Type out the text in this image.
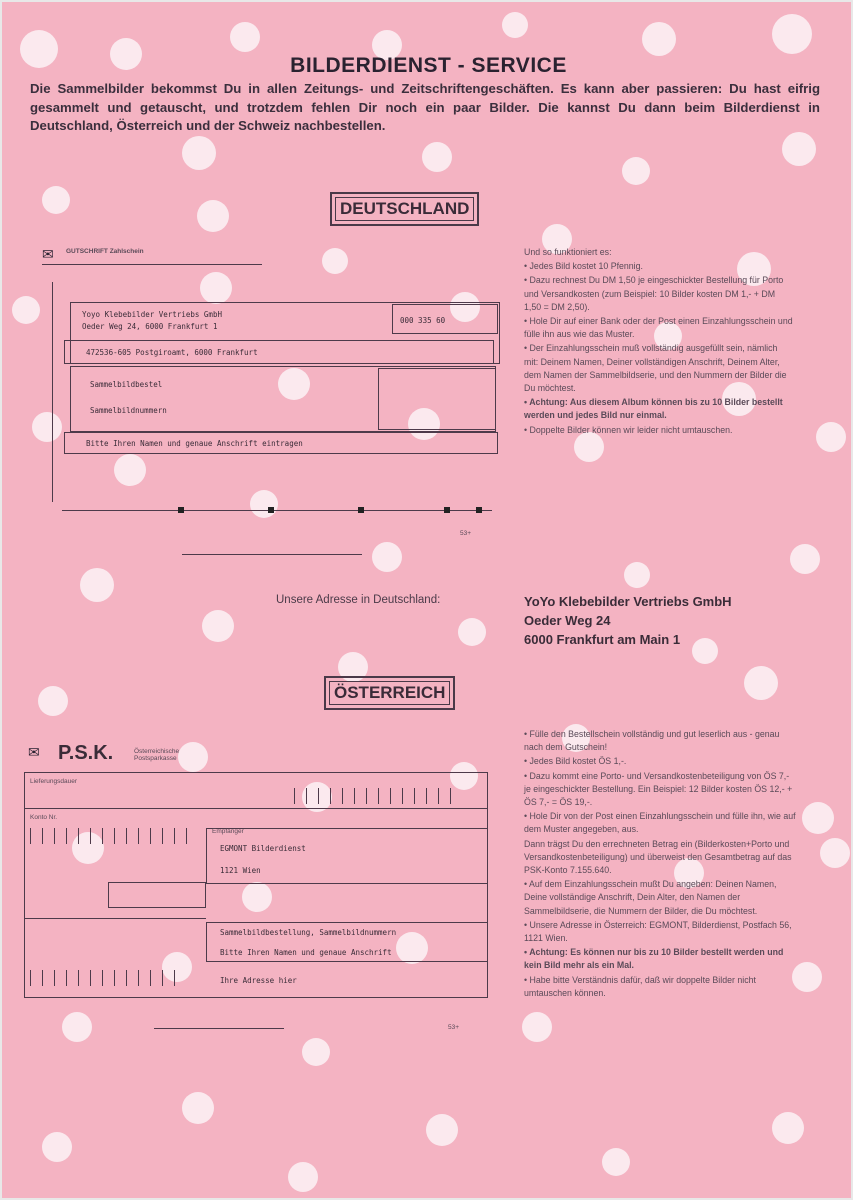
BILDERDIENST - SERVICE
Die Sammelbilder bekommst Du in allen Zeitungs- und Zeitschriftengeschäften. Es kann aber passieren: Du hast eifrig gesammelt und getauscht, und trotzdem fehlen Dir noch ein paar Bilder. Die kannst Du dann beim Bilderdienst in Deutschland, Österreich und der Schweiz nachbestellen.
DEUTSCHLAND
✉ GUTSCHRIFT Zahlschein
Yoyo Klebebilder Vertriebs GmbH
Oeder Weg 24, 6000 Frankfurt 1
000 335 60
472536-605 Postgiroamt, 6000 Frankfurt
Sammelbildbestel
Sammelbildnummern
Bitte Ihren Namen und genaue Anschrift eintragen
53+

Und so funktioniert es:

• Jedes Bild kostet 10 Pfennig.

• Dazu rechnest Du DM 1,50 je eingeschickter Bestellung für Porto und Versandkosten (zum Beispiel: 10 Bilder kosten DM 1,- + DM 1,50 = DM 2,50).

• Hole Dir auf einer Bank oder der Post einen Einzahlungsschein und fülle ihn aus wie das Muster.

• Der Einzahlungsschein muß vollständig ausgefüllt sein, nämlich mit: Deinem Namen, Deiner vollständigen Anschrift, Deinem Alter, dem Namen der Sammelbildserie, und den Nummern der Bilder die Du möchtest.

• Achtung: Aus diesem Album können bis zu 10 Bilder bestellt werden und jedes Bild nur einmal.

• Doppelte Bilder können wir leider nicht umtauschen.

Unsere Adresse in Deutschland:	YoYo Klebebilder Vertriebs GmbH
Oeder Weg 24
6000 Frankfurt am Main 1
ÖSTERREICH
✉ P.S.K.	Österreichische Postsparkasse
Lieferungsdauer
Konto Nr.
Empfänger
EGMONT Bilderdienst
1121 Wien
Sammelbildbestellung, Sammelbildnummern
Bitte Ihren Namen und genaue Anschrift
Ihre Adresse hier
53+

• Fülle den Bestellschein vollständig und gut leserlich aus - genau nach dem Gutschein!

• Jedes Bild kostet ÖS 1,-.

• Dazu kommt eine Porto- und Versandkostenbeteiligung von ÖS 7,- je eingeschickter Bestellung. Ein Beispiel: 12 Bilder kosten ÖS 12,- + ÖS 7,- = ÖS 19,-.

• Hole Dir von der Post einen Einzahlungsschein und fülle ihn, wie auf dem Muster angegeben, aus.

Dann trägst Du den errechneten Betrag ein (Bilderkosten+Porto und Versandkostenbeteiligung) und überweist den Gesamtbetrag auf das PSK-Konto 7.155.640.

• Auf dem Einzahlungsschein mußt Du angeben: Deinen Namen, Deine vollständige Anschrift, Dein Alter, den Namen der Sammelbildserie, die Nummern der Bilder, die Du möchtest.

• Unsere Adresse in Österreich: EGMONT, Bilderdienst, Postfach 56, 1121 Wien.

• Achtung: Es können nur bis zu 10 Bilder bestellt werden und kein Bild mehr als ein Mal.

• Habe bitte Verständnis dafür, daß wir doppelte Bilder nicht umtauschen können.
